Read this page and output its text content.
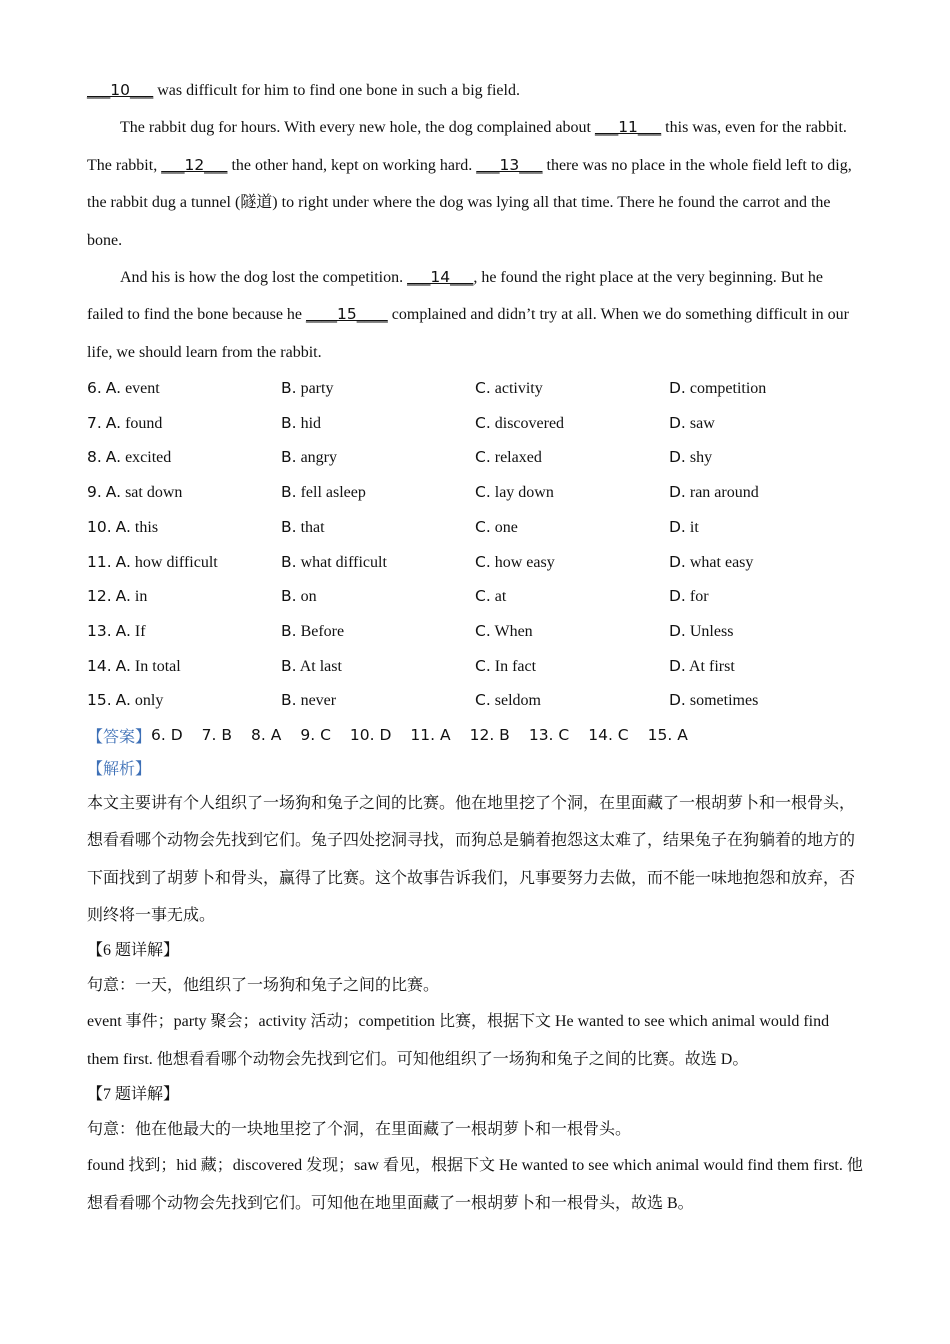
___10___ was difficult for him to find one bone in such a big field.

The rabbit dug for hours. With every new hole, the dog complained about ___11___ this was, even for the rabbit. The rabbit, ___12___ the other hand, kept on working hard. ___13___ there was no place in the whole field left to dig, the rabbit dug a tunnel (隧道) to right under where the dog was lying all that time. There he found the carrot and the bone.

And his is how the dog lost the competition. ___14___, he found the right place at the very beginning. But he failed to find the bone because he ____15____ complained and didn’t try at all. When we do something difficult in our life, we should learn from the rabbit.

6. A. event	B. party	C. activity	D. competition
7. A. found	B. hid	C. discovered	D. saw
8. A. excited	B. angry	C. relaxed	D. shy
9. A. sat down	B. fell asleep	C. lay down	D. ran around
10. A. this	B. that	C. one	D. it
11. A. how difficult	B. what difficult	C. how easy	D. what easy
12. A. in	B. on	C. at	D. for
13. A. If	B. Before	C. When	D. Unless
14. A. In total	B. At last	C. In fact	D. At first
15. A. only	B. never	C. seldom	D. sometimes
【答案】 6. D 7. B 8. A 9. C 10. D 11. A 12. B 13. C 14. C 15. A
【解析】

本文主要讲有个人组织了一场狗和兔子之间的比赛。他在地里挖了个洞，在里面藏了一根胡萝卜和一根骨头，想看看哪个动物会先找到它们。兔子四处挖洞寻找，而狗总是躺着抱怨这太难了，结果兔子在狗躺着的地方的下面找到了胡萝卜和骨头，赢得了比赛。这个故事告诉我们，凡事要努力去做，而不能一味地抱怨和放弃，否则终将一事无成。

【6 题详解】

句意：一天，他组织了一场狗和兔子之间的比赛。

event 事件；party 聚会；activity 活动；competition 比赛，根据下文 He wanted to see which animal would find them first. 他想看看哪个动物会先找到它们。可知他组织了一场狗和兔子之间的比赛。故选 D。

【7 题详解】

句意：他在他最大的一块地里挖了个洞，在里面藏了一根胡萝卜和一根骨头。

found 找到；hid 藏；discovered 发现；saw 看见，根据下文 He wanted to see which animal would find them first. 他想看看哪个动物会先找到它们。可知他在地里面藏了一根胡萝卜和一根骨头，故选 B。
